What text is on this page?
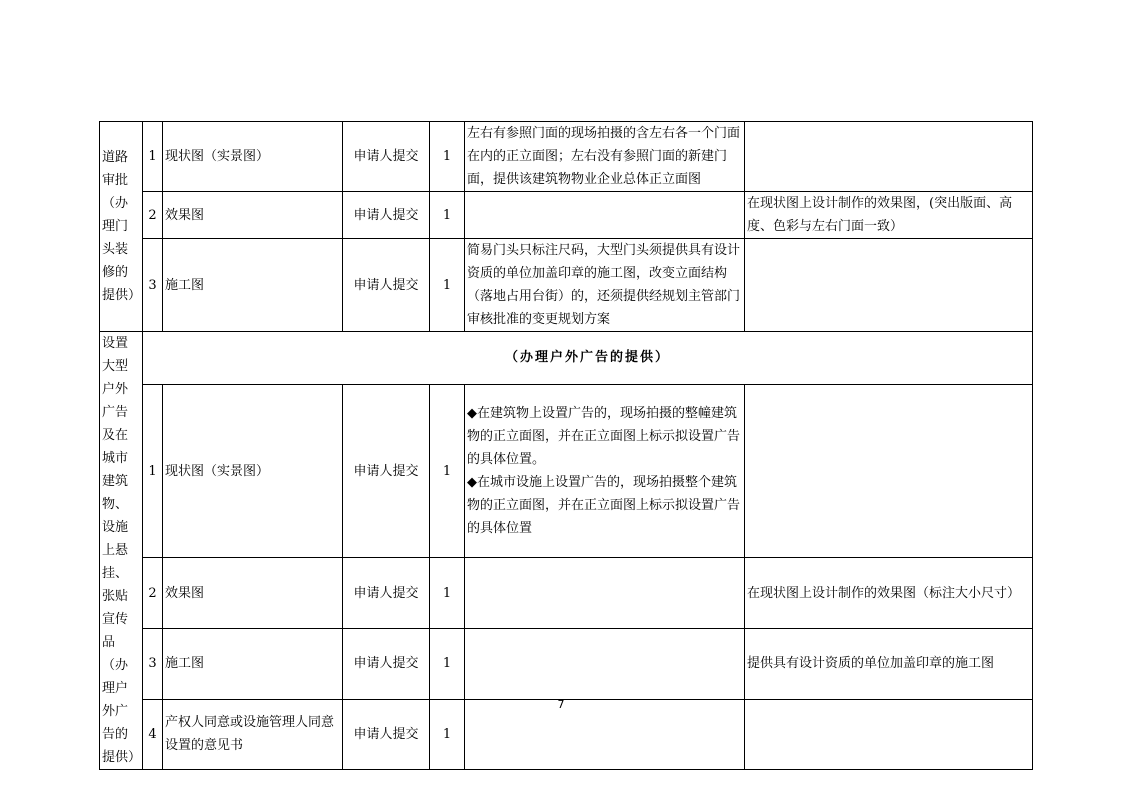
道路审批（办理门头装修的提供）	1	现状图（实景图）	申请人提交	1	左右有参照门面的现场拍摄的含左右各一个门面在内的正立面图；左右没有参照门面的新建门面，提供该建筑物物业企业总体正立面图	
	2	效果图	申请人提交	1		在现状图上设计制作的效果图，(突出版面、高度、色彩与左右门面一致）
	3	施工图	申请人提交	1	简易门头只标注尺码，大型门头须提供具有设计资质的单位加盖印章的施工图，改变立面结构（落地占用台街）的，还须提供经规划主管部门审核批准的变更规划方案	
设置大型户外广告及在城市建筑物、设施上悬挂、张贴宣传品（办理户外广告的提供）	（办理户外广告的提供）					
	1	现状图（实景图）	申请人提交	1	◆在建筑物上设置广告的，现场拍摄的整幢建筑物的正立面图，并在正立面图上标示拟设置广告的具体位置。
◆在城市设施上设置广告的，现场拍摄整个建筑物的正立面图，并在正立面图上标示拟设置广告的具体位置	

	2	效果图	申请人提交	1		在现状图上设计制作的效果图（标注大小尺寸）
	3	施工图	申请人提交	1		提供具有设计资质的单位加盖印章的施工图
	4	产权人同意或设施管理人同意设置的意见书	申请人提交	1		
7
